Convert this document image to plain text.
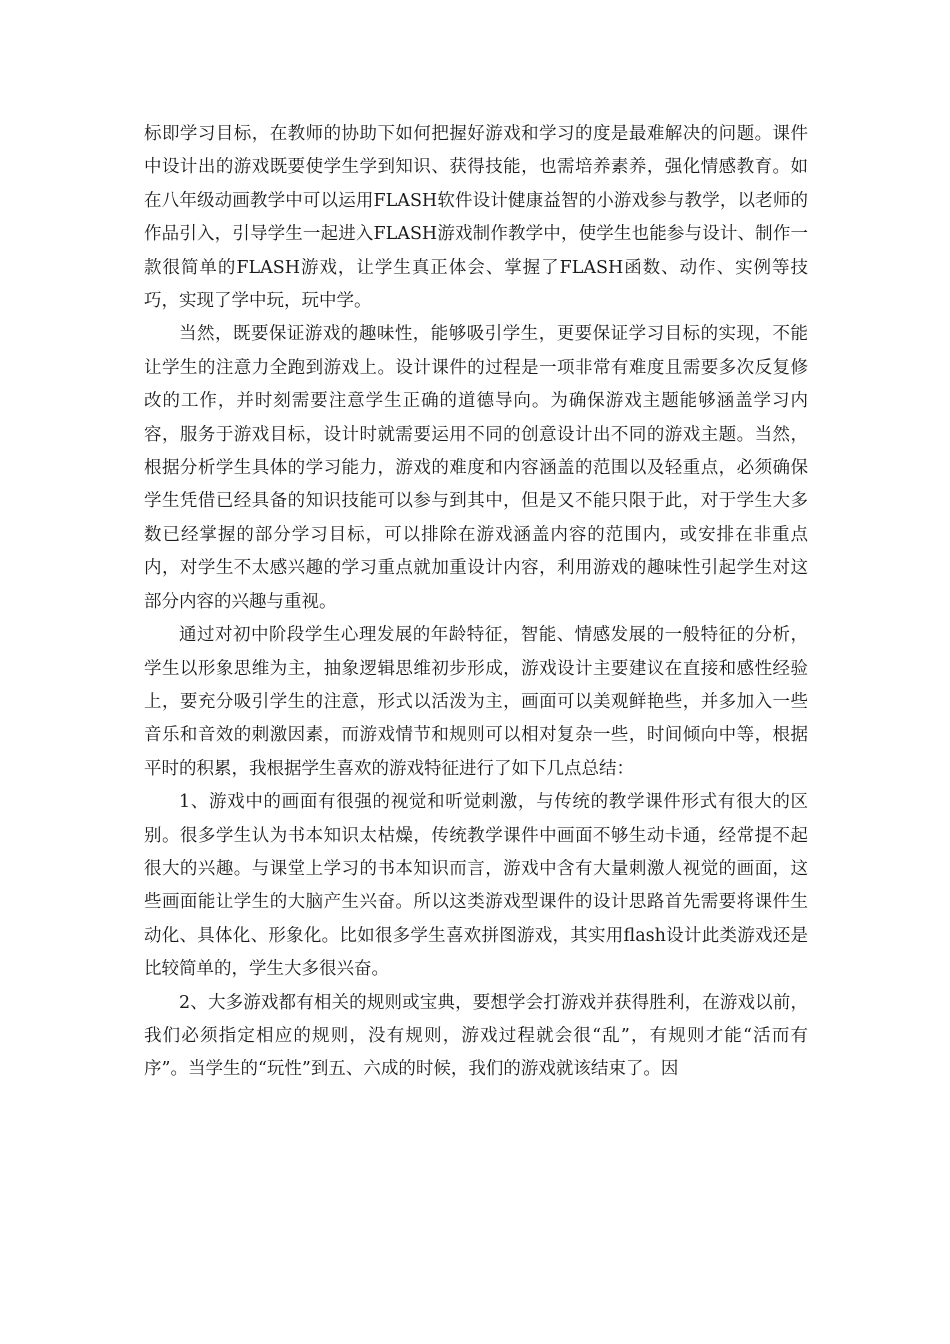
标即学习目标，在教师的协助下如何把握好游戏和学习的度是最难解决的问题。课件中设计出的游戏既要使学生学到知识、获得技能，也需培养素养，强化情感教育。如在八年级动画教学中可以运用FLASH软件设计健康益智的小游戏参与教学，以老师的作品引入，引导学生一起进入FLASH游戏制作教学中，使学生也能参与设计、制作一款很简单的FLASH游戏，让学生真正体会、掌握了FLASH函数、动作、实例等技巧，实现了学中玩，玩中学。

当然，既要保证游戏的趣味性，能够吸引学生，更要保证学习目标的实现，不能让学生的注意力全跑到游戏上。设计课件的过程是一项非常有难度且需要多次反复修改的工作，并时刻需要注意学生正确的道德导向。为确保游戏主题能够涵盖学习内容，服务于游戏目标，设计时就需要运用不同的创意设计出不同的游戏主题。当然，根据分析学生具体的学习能力，游戏的难度和内容涵盖的范围以及轻重点，必须确保学生凭借已经具备的知识技能可以参与到其中，但是又不能只限于此，对于学生大多数已经掌握的部分学习目标，可以排除在游戏涵盖内容的范围内，或安排在非重点内，对学生不太感兴趣的学习重点就加重设计内容，利用游戏的趣味性引起学生对这部分内容的兴趣与重视。

通过对初中阶段学生心理发展的年龄特征，智能、情感发展的一般特征的分析，学生以形象思维为主，抽象逻辑思维初步形成，游戏设计主要建议在直接和感性经验上，要充分吸引学生的注意，形式以活泼为主，画面可以美观鲜艳些，并多加入一些音乐和音效的刺激因素，而游戏情节和规则可以相对复杂一些，时间倾向中等，根据平时的积累，我根据学生喜欢的游戏特征进行了如下几点总结：

1、游戏中的画面有很强的视觉和听觉刺激，与传统的教学课件形式有很大的区别。很多学生认为书本知识太枯燥，传统教学课件中画面不够生动卡通，经常提不起很大的兴趣。与课堂上学习的书本知识而言，游戏中含有大量刺激人视觉的画面，这些画面能让学生的大脑产生兴奋。所以这类游戏型课件的设计思路首先需要将课件生动化、具体化、形象化。比如很多学生喜欢拼图游戏，其实用flash设计此类游戏还是比较简单的，学生大多很兴奋。

2、大多游戏都有相关的规则或宝典，要想学会打游戏并获得胜利，在游戏以前，我们必须指定相应的规则，没有规则，游戏过程就会很“乱”，有规则才能“活而有序”。当学生的“玩性”到五、六成的时候，我们的游戏就该结束了。因
